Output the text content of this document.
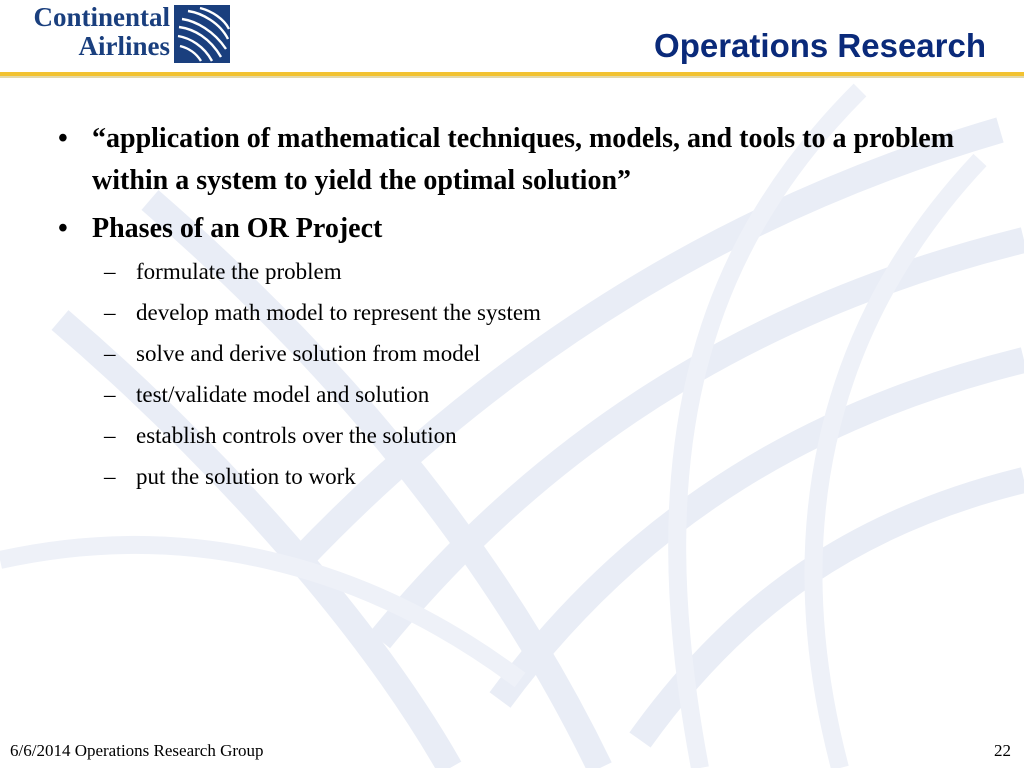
Continental
Airlines	Operations Research
• “application of mathematical techniques, models, and tools to a problem within a system to yield the optimal solution”

• Phases of an OR Project

– formulate the problem
– develop math model to represent the system
– solve and derive solution from model
– test/validate model and solution
– establish controls over the solution
– put the solution to work
6/6/2014 Operations Research Group	22
